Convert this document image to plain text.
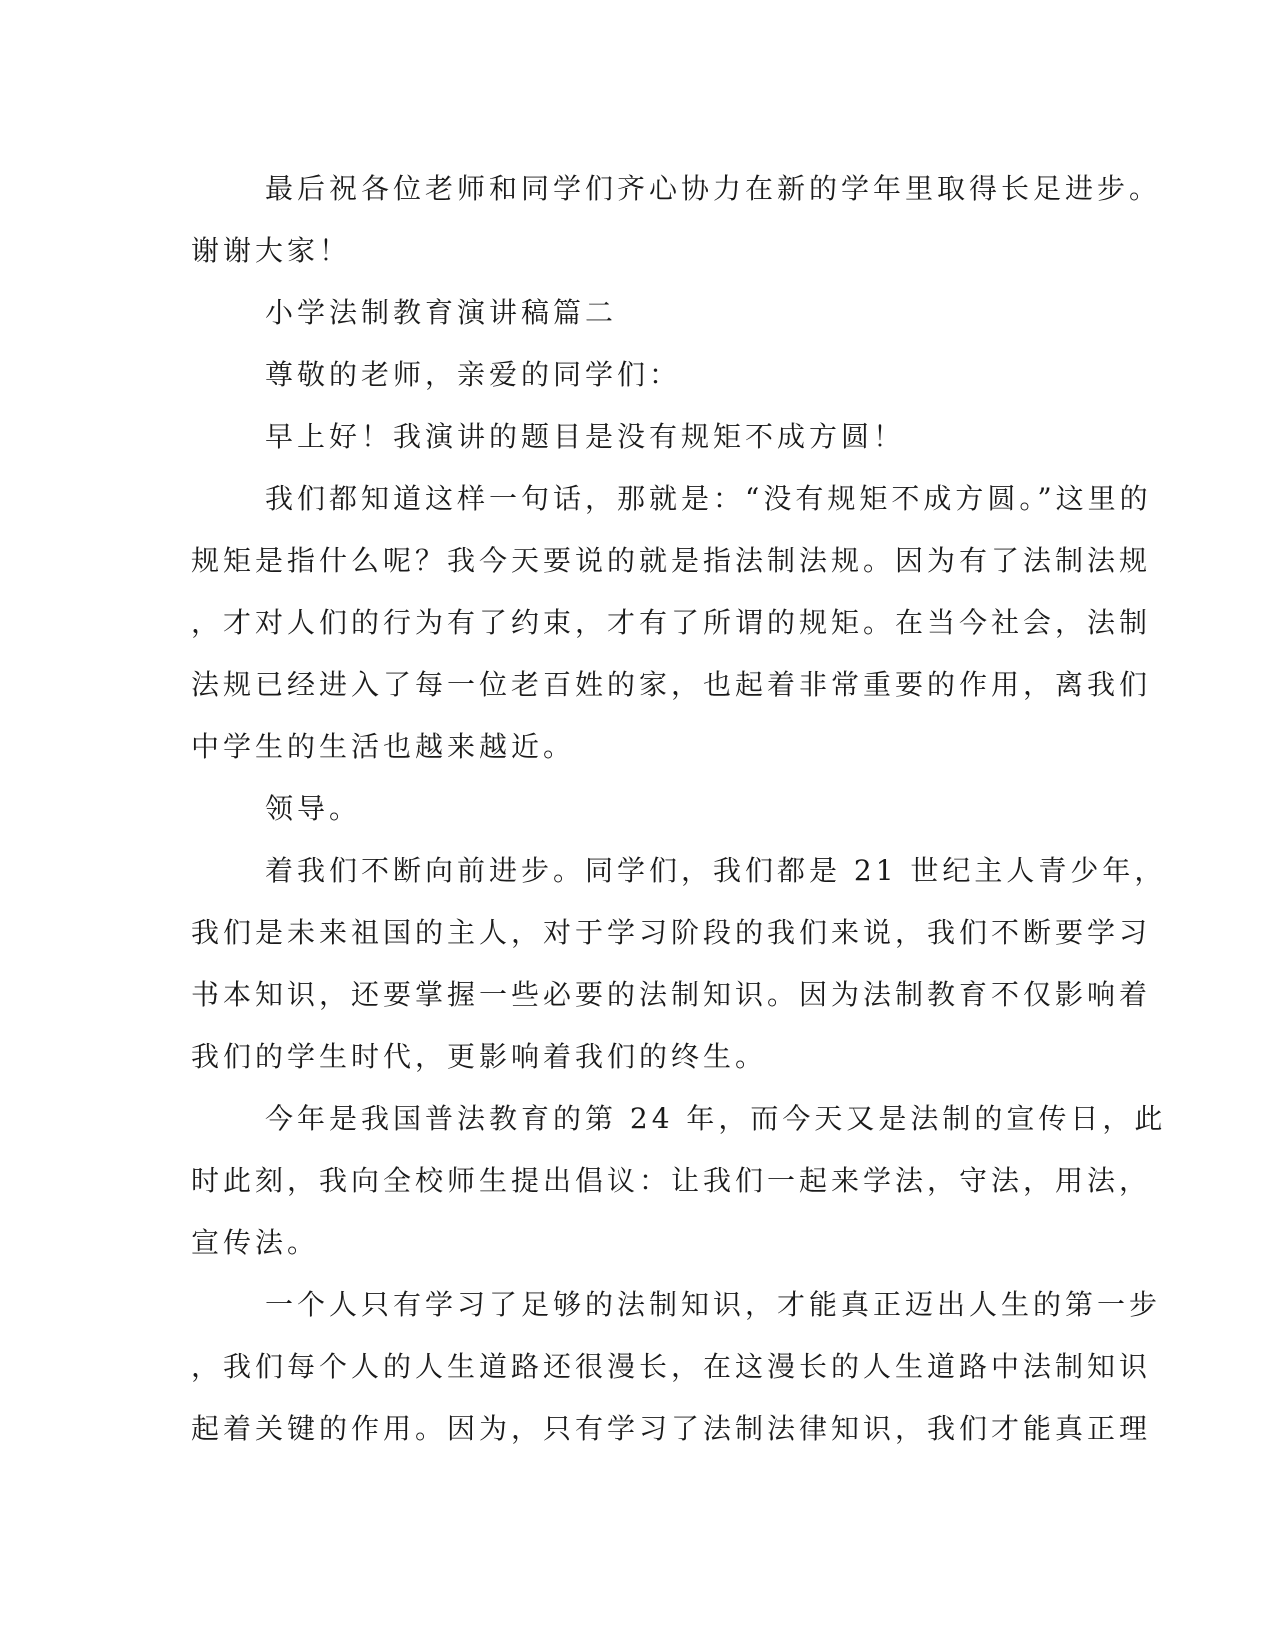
最后祝各位老师和同学们齐心协力在新的学年里取得长足进步。
谢谢大家！

小学法制教育演讲稿篇二

尊敬的老师，亲爱的同学们：

早上好！我演讲的题目是没有规矩不成方圆！

我们都知道这样一句话，那就是：“没有规矩不成方圆。”这里的
规矩是指什么呢？我今天要说的就是指法制法规。因为有了法制法规
，才对人们的行为有了约束，才有了所谓的规矩。在当今社会，法制
法规已经进入了每一位老百姓的家，也起着非常重要的作用，离我们
中学生的生活也越来越近。

领导。

着我们不断向前进步。同学们，我们都是 21 世纪主人青少年，
我们是未来祖国的主人，对于学习阶段的我们来说，我们不断要学习
书本知识，还要掌握一些必要的法制知识。因为法制教育不仅影响着
我们的学生时代，更影响着我们的终生。

今年是我国普法教育的第 24 年，而今天又是法制的宣传日，此
时此刻，我向全校师生提出倡议：让我们一起来学法，守法，用法，
宣传法。

一个人只有学习了足够的法制知识，才能真正迈出人生的第一步
，我们每个人的人生道路还很漫长，在这漫长的人生道路中法制知识
起着关键的作用。因为，只有学习了法制法律知识，我们才能真正理
